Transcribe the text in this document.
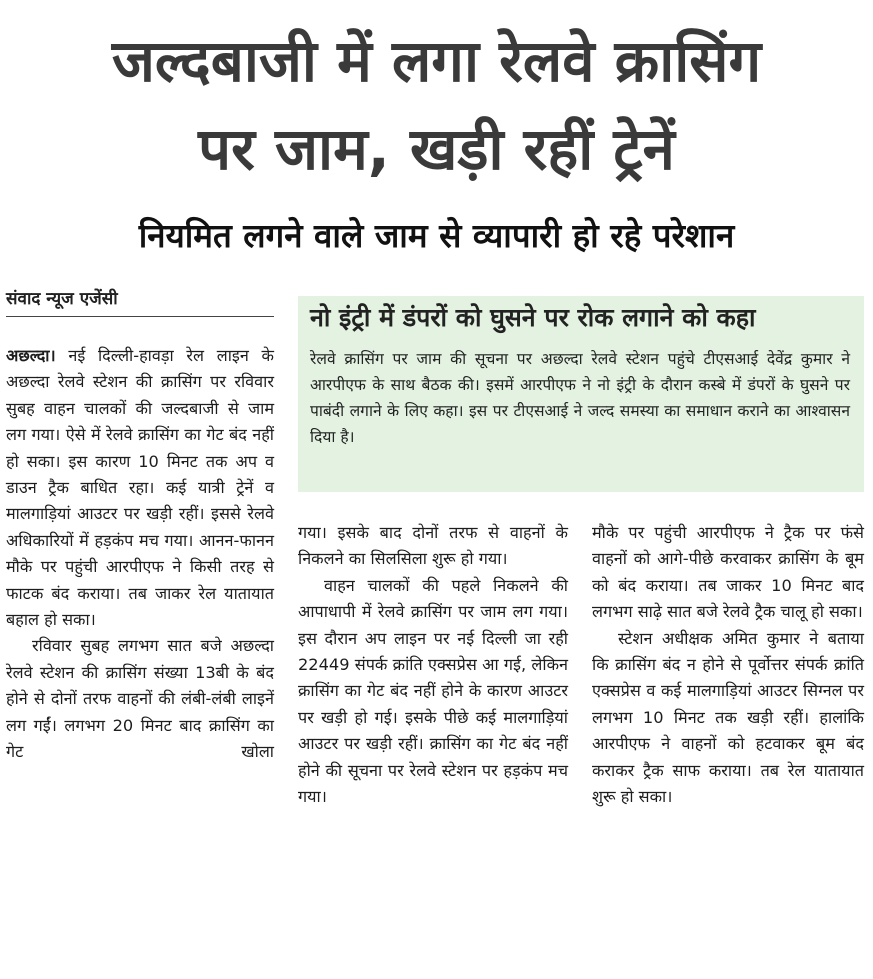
जल्दबाजी में लगा रेलवे क्रासिंग
पर जाम, खड़ी रहीं ट्रेनें
नियमित लगने वाले जाम से व्यापारी हो रहे परेशान
संवाद न्यूज एजेंसी
नो इंट्री में डंपरों को घुसने पर रोक लगाने को कहा
रेलवे क्रासिंग पर जाम की सूचना पर अछल्दा रेलवे स्टेशन पहुंचे टीएसआई देवेंद्र कुमार ने आरपीएफ के साथ बैठक की। इसमें आरपीएफ ने नो इंट्री के दौरान कस्बे में डंपरों के घुसने पर पाबंदी लगाने के लिए कहा। इस पर टीएसआई ने जल्द समस्या का समाधान कराने का आश्वासन दिया है।

अछल्दा। नई दिल्ली-हावड़ा रेल लाइन के अछल्दा रेलवे स्टेशन की क्रासिंग पर रविवार सुबह वाहन चालकों की जल्दबाजी से जाम लग गया। ऐसे में रेलवे क्रासिंग का गेट बंद नहीं हो सका। इस कारण 10 मिनट तक अप व डाउन ट्रैक बाधित रहा। कई यात्री ट्रेनें व मालगाड़ियां आउटर पर खड़ी रहीं। इससे रेलवे अधिकारियों में हड़कंप मच गया। आनन-फानन मौके पर पहुंची आरपीएफ ने किसी तरह से फाटक बंद कराया। तब जाकर रेल यातायात बहाल हो सका।

रविवार सुबह लगभग सात बजे अछल्दा रेलवे स्टेशन की क्रासिंग संख्या 13बी के बंद होने से दोनों तरफ वाहनों की लंबी-लंबी लाइनें लग गईं। लगभग 20 मिनट बाद क्रासिंग का गेट खोला

गया। इसके बाद दोनों तरफ से वाहनों के निकलने का सिलसिला शुरू हो गया।

वाहन चालकों की पहले निकलने की आपाधापी में रेलवे क्रासिंग पर जाम लग गया। इस दौरान अप लाइन पर नई दिल्ली जा रही 22449 संपर्क क्रांति एक्सप्रेस आ गई, लेकिन क्रासिंग का गेट बंद नहीं होने के कारण आउटर पर खड़ी हो गई। इसके पीछे कई मालगाड़ियां आउटर पर खड़ी रहीं। क्रासिंग का गेट बंद नहीं होने की सूचना पर रेलवे स्टेशन पर हड़कंप मच गया।

मौके पर पहुंची आरपीएफ ने ट्रैक पर फंसे वाहनों को आगे-पीछे करवाकर क्रासिंग के बूम को बंद कराया। तब जाकर 10 मिनट बाद लगभग साढ़े सात बजे रेलवे ट्रैक चालू हो सका।

स्टेशन अधीक्षक अमित कुमार ने बताया कि क्रासिंग बंद न होने से पूर्वोत्तर संपर्क क्रांति एक्सप्रेस व कई मालगाड़ियां आउटर सिग्नल पर लगभग 10 मिनट तक खड़ी रहीं। हालांकि आरपीएफ ने वाहनों को हटवाकर बूम बंद कराकर ट्रैक साफ कराया। तब रेल यातायात शुरू हो सका।
